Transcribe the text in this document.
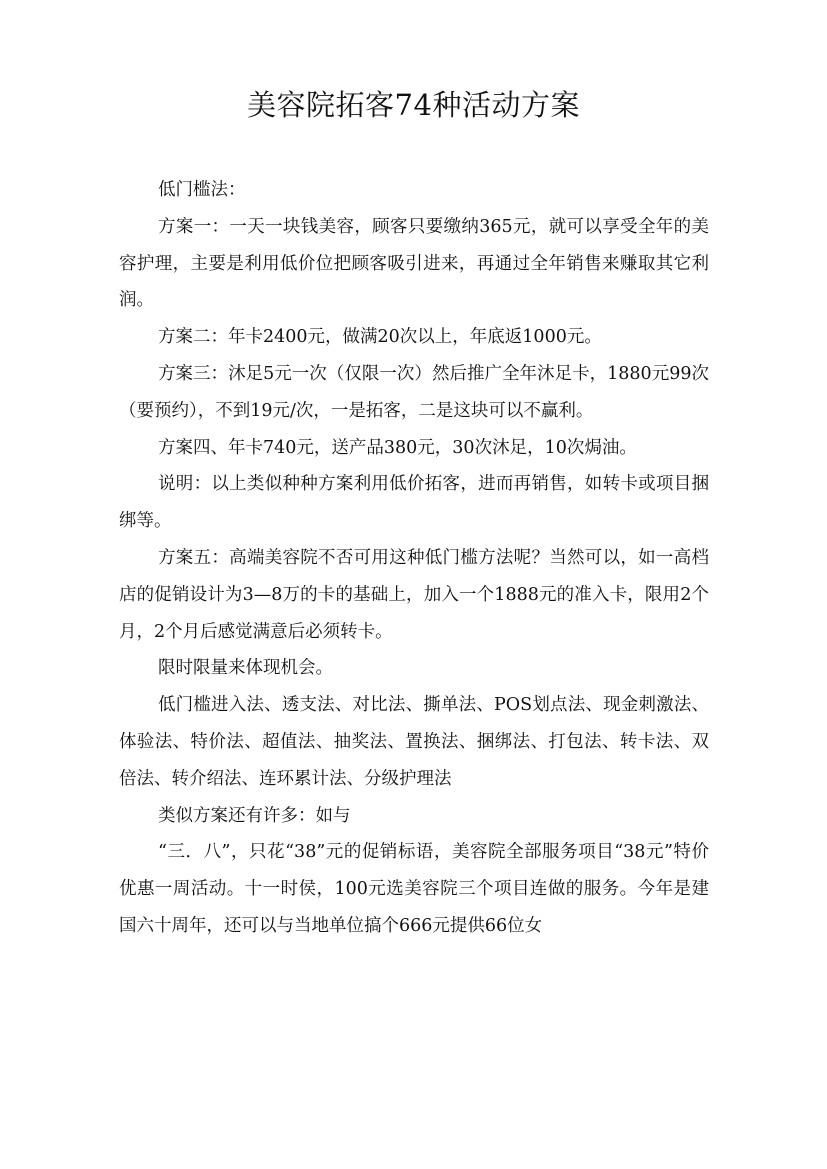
美容院拓客74种活动方案

低门槛法：

方案一：一天一块钱美容，顾客只要缴纳365元，就可以享受全年的美容护理，主要是利用低价位把顾客吸引进来，再通过全年销售来赚取其它利润。

方案二：年卡2400元，做满20次以上，年底返1000元。

方案三：沐足5元一次（仅限一次）然后推广全年沐足卡，1880元99次（要预约），不到19元/次，一是拓客，二是这块可以不赢利。

方案四、年卡740元，送产品380元，30次沐足，10次焗油。

说明：以上类似种种方案利用低价拓客，进而再销售，如转卡或项目捆绑等。

方案五：高端美容院不否可用这种低门槛方法呢？当然可以，如一高档店的促销设计为3—8万的卡的基础上，加入一个1888元的准入卡，限用2个月，2个月后感觉满意后必须转卡。

限时限量来体现机会。

低门槛进入法、透支法、对比法、撕单法、POS划点法、现金刺激法、体验法、特价法、超值法、抽奖法、置换法、捆绑法、打包法、转卡法、双倍法、转介绍法、连环累计法、分级护理法

类似方案还有许多：如与

“三．八”，只花“38”元的促销标语，美容院全部服务项目“38元”特价优惠一周活动。十一时侯，100元选美容院三个项目连做的服务。今年是建国六十周年，还可以与当地单位搞个666元提供66位女
